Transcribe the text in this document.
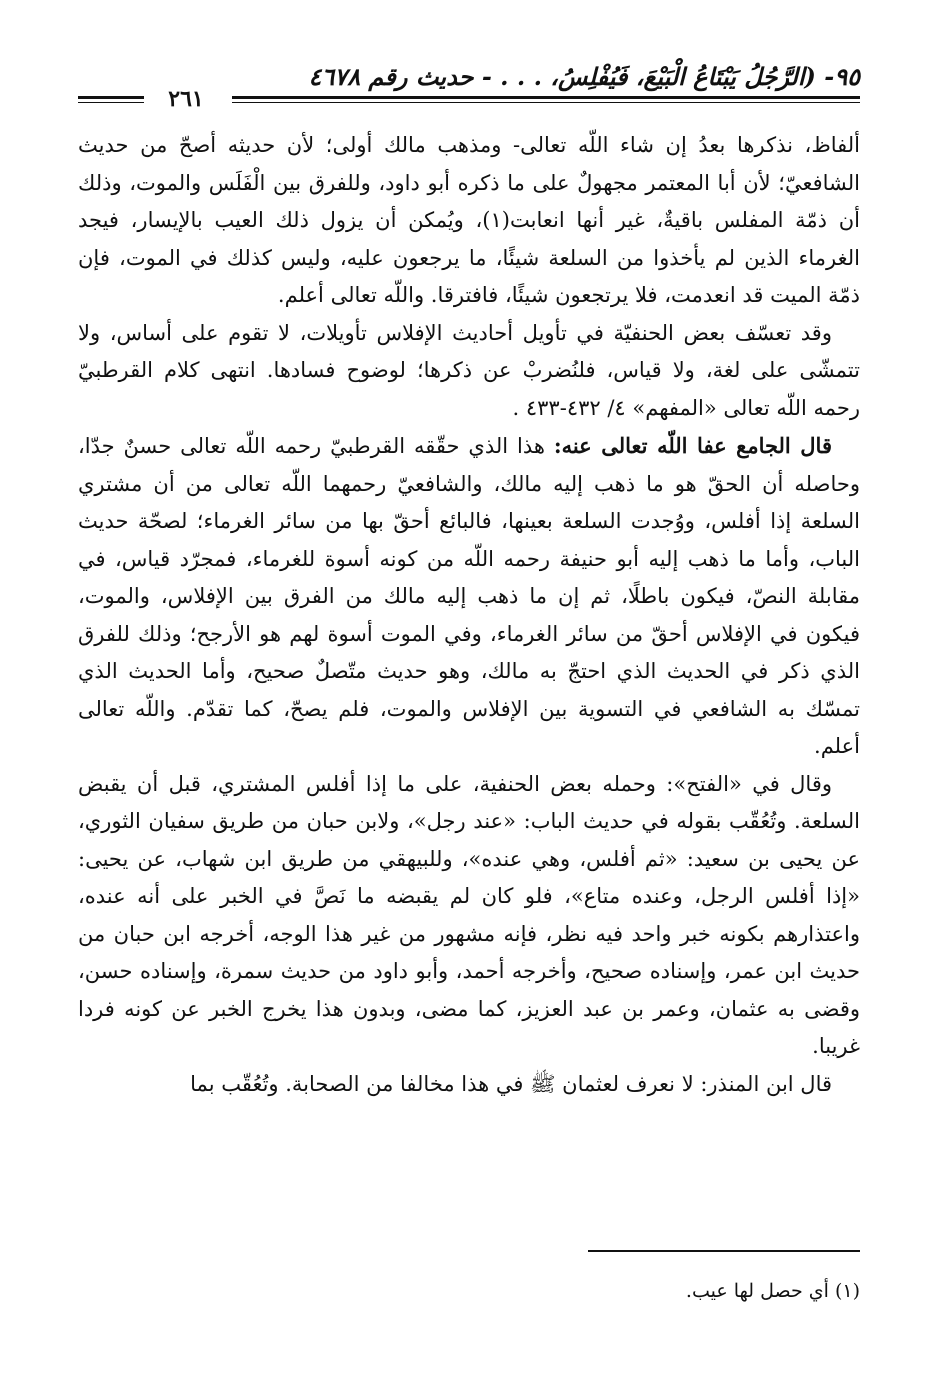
٩٥- (الرَّجُلُ يَبْتَاعُ الْبَيْعَ، فَيُفْلِسُ، . . . - حديث رقم ٤٦٧٨
٢٦١

ألفاظ، نذكرها بعدُ إن شاء اللّه تعالى- ومذهب مالك أولى؛ لأن حديثه أصحّ من حديث الشافعيّ؛ لأن أبا المعتمر مجهولٌ على ما ذكره أبو داود، وللفرق بين الْفَلَس والموت، وذلك أن ذمّة المفلس باقيةٌ، غير أنها انعابت(١)، ويُمكن أن يزول ذلك العيب بالإيسار، فيجد الغرماء الذين لم يأخذوا من السلعة شيئًا، ما يرجعون عليه، وليس كذلك في الموت، فإن ذمّة الميت قد انعدمت، فلا يرتجعون شيئًا، فافترقا. واللّه تعالى أعلم.

وقد تعسّف بعض الحنفيّة في تأويل أحاديث الإفلاس تأويلات، لا تقوم على أساس، ولا تتمشّى على لغة، ولا قياس، فلنُضربْ عن ذكرها؛ لوضوح فسادها. انتهى كلام القرطبيّ رحمه اللّه تعالى «المفهم» ٤/ ٤٣٢-٤٣٣ .

قال الجامع عفا اللّه تعالى عنه: هذا الذي حقّقه القرطبيّ رحمه اللّه تعالى حسنٌ جدّا، وحاصله أن الحقّ هو ما ذهب إليه مالك، والشافعيّ رحمهما اللّه تعالى من أن مشتري السلعة إذا أفلس، ووُجدت السلعة بعينها، فالبائع أحقّ بها من سائر الغرماء؛ لصحّة حديث الباب، وأما ما ذهب إليه أبو حنيفة رحمه اللّه من كونه أسوة للغرماء، فمجرّد قياس، في مقابلة النصّ، فيكون باطلًا، ثم إن ما ذهب إليه مالك من الفرق بين الإفلاس، والموت، فيكون في الإفلاس أحقّ من سائر الغرماء، وفي الموت أسوة لهم هو الأرجح؛ وذلك للفرق الذي ذكر في الحديث الذي احتجّ به مالك، وهو حديث متّصلٌ صحيح، وأما الحديث الذي تمسّك به الشافعي في التسوية بين الإفلاس والموت، فلم يصحّ، كما تقدّم. واللّه تعالى أعلم.

وقال في «الفتح»: وحمله بعض الحنفية، على ما إذا أفلس المشتري، قبل أن يقبض السلعة. وتُعُقّب بقوله في حديث الباب: «عند رجل»، ولابن حبان من طريق سفيان الثوري، عن يحيى بن سعيد: «ثم أفلس، وهي عنده»، وللبيهقي من طريق ابن شهاب، عن يحيى: «إذا أفلس الرجل، وعنده متاع»، فلو كان لم يقبضه ما نَصَّ في الخبر على أنه عنده، واعتذارهم بكونه خبر واحد فيه نظر، فإنه مشهور من غير هذا الوجه، أخرجه ابن حبان من حديث ابن عمر، وإسناده صحيح، وأخرجه أحمد، وأبو داود من حديث سمرة، وإسناده حسن، وقضى به عثمان، وعمر بن عبد العزيز، كما مضى، وبدون هذا يخرج الخبر عن كونه فردا غريبا.

قال ابن المنذر: لا نعرف لعثمان ﷺ في هذا مخالفا من الصحابة. وتُعُقّب بما

(١) أي حصل لها عيب.
